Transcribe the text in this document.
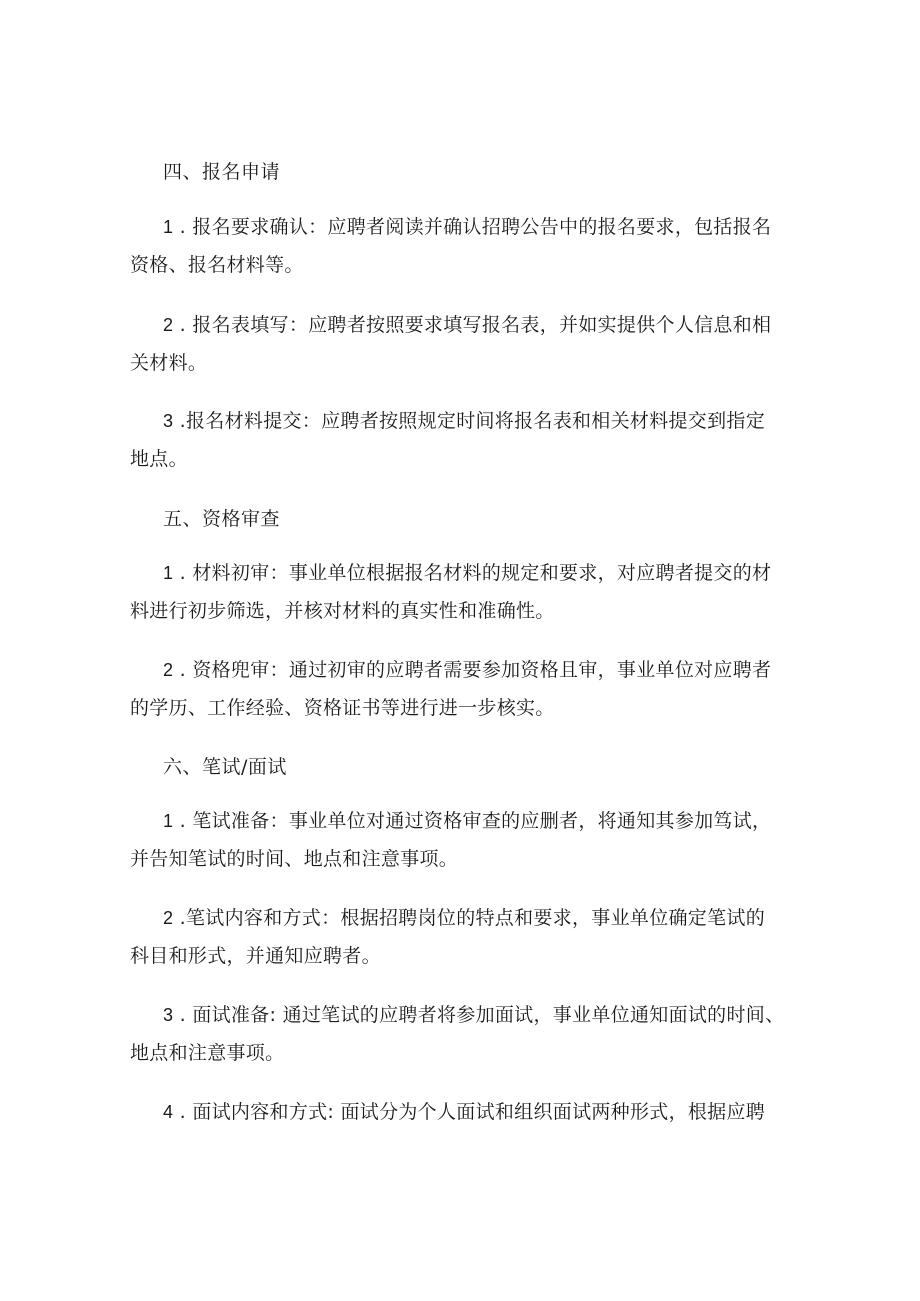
四、报名申请
1 . 报名要求确认：应聘者阅读并确认招聘公告中的报名要求，包括报名
资格、报名材料等。
2 . 报名表填写：应聘者按照要求填写报名表，并如实提供个人信息和相
关材料。
3 .报名材料提交：应聘者按照规定时间将报名表和相关材料提交到指定
地点。
五、资格审查
1 . 材料初审：事业单位根据报名材料的规定和要求，对应聘者提交的材
料进行初步筛选，并核对材料的真实性和准确性。
2 . 资格兜审：通过初审的应聘者需要参加资格且审，事业单位对应聘者
的学历、工作经验、资格证书等进行进一步核实。
六、笔试/面试
1 . 笔试准备：事业单位对通过资格审查的应删者，将通知其参加笃试，
并告知笔试的时间、地点和注意事项。
2 .笔试内容和方式：根据招聘岗位的特点和要求，事业单位确定笔试的
科目和形式，并通知应聘者。
3 . 面试准备: 通过笔试的应聘者将参加面试，事业单位通知面试的时间、
地点和注意事项。
4 . 面试内容和方式: 面试分为个人面试和组织面试两种形式，根据应聘
